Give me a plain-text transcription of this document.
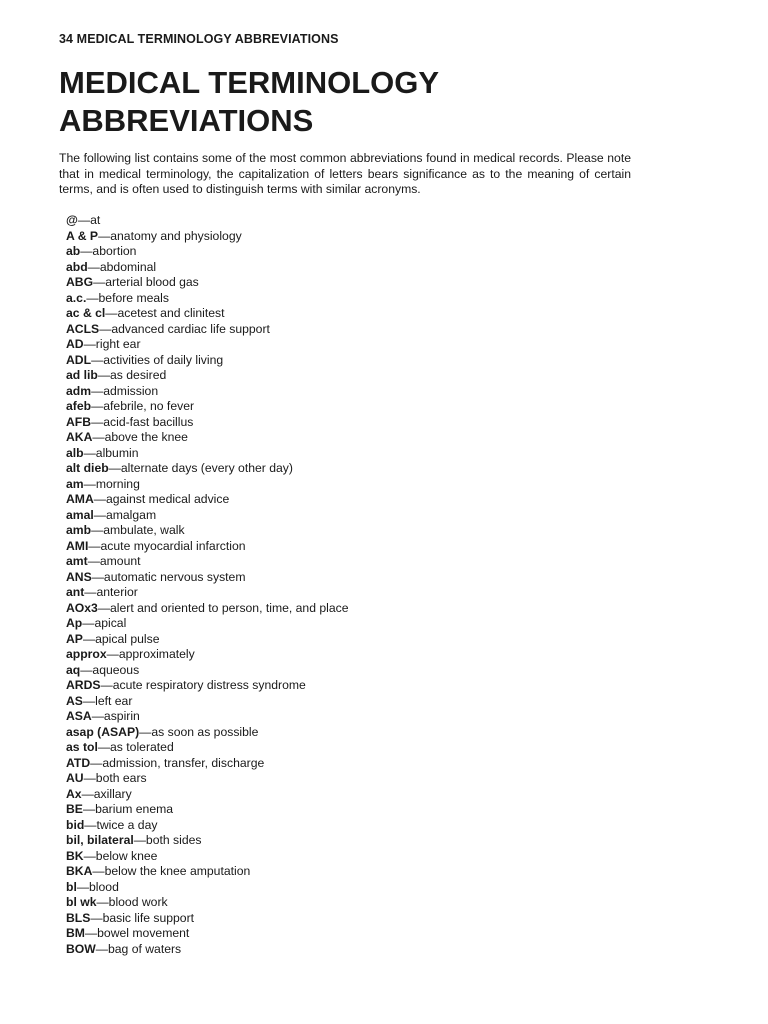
34 MEDICAL TERMINOLOGY ABBREVIATIONS
MEDICAL TERMINOLOGY
ABBREVIATIONS

The following list contains some of the most common abbreviations found in medical records. Please note that in medical terminology, the capitalization of letters bears significance as to the meaning of certain terms, and is often used to distinguish terms with similar acronyms.

@—at
A & P—anatomy and physiology
ab—abortion
abd—abdominal
ABG—arterial blood gas
a.c.—before meals
ac & cl—acetest and clinitest
ACLS—advanced cardiac life support
AD—right ear
ADL—activities of daily living
ad lib—as desired
adm—admission
afeb—afebrile, no fever
AFB—acid-fast bacillus
AKA—above the knee
alb—albumin
alt dieb—alternate days (every other day)
am—morning
AMA—against medical advice
amal—amalgam
amb—ambulate, walk
AMI—acute myocardial infarction
amt—amount
ANS—automatic nervous system
ant—anterior
AOx3—alert and oriented to person, time, and place
Ap—apical
AP—apical pulse
approx—approximately
aq—aqueous
ARDS—acute respiratory distress syndrome
AS—left ear
ASA—aspirin
asap (ASAP)—as soon as possible
as tol—as tolerated
ATD—admission, transfer, discharge
AU—both ears
Ax—axillary
BE—barium enema
bid—twice a day
bil, bilateral—both sides
BK—below knee
BKA—below the knee amputation
bl—blood
bl wk—blood work
BLS—basic life support
BM—bowel movement
BOW—bag of waters
